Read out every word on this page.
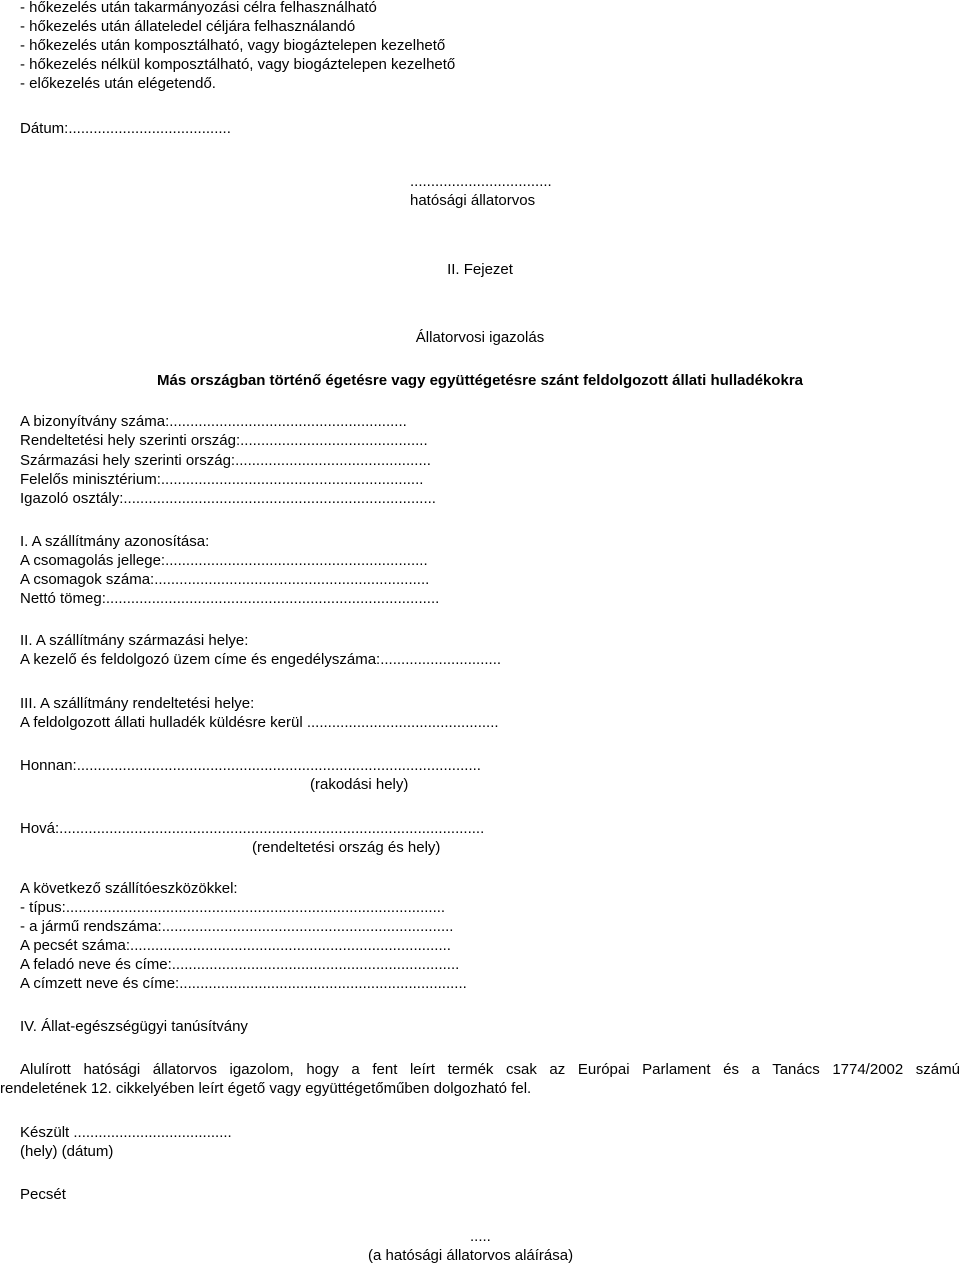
- hőkezelés után takarmányozási célra felhasználható
- hőkezelés után állateledel céljára felhasználandó
- hőkezelés után komposztálható, vagy biogáztelepen kezelhető
- hőkezelés nélkül komposztálható, vagy biogáztelepen kezelhető
- előkezelés után elégetendő.
Dátum:.......................................
..................................
hatósági állatorvos
II. Fejezet
Állatorvosi igazolás
Más országban történő égetésre vagy együttégetésre szánt feldolgozott állati hulladékokra
A bizonyítvány száma:.........................................................
Rendeltetési hely szerinti ország:.............................................
Származási hely szerinti ország:...............................................
Felelős minisztérium:...............................................................
Igazoló osztály:...........................................................................
I. A szállítmány azonosítása:
A csomagolás jellege:...............................................................
A csomagok száma:..................................................................
Nettó tömeg:................................................................................
II. A szállítmány származási helye:
A kezelő és feldolgozó üzem címe és engedélyszáma:.............................
III. A szállítmány rendeltetési helye:
A feldolgozott állati hulladék küldésre kerül ..............................................
Honnan:.................................................................................................
(rakodási hely)
Hová:......................................................................................................
(rendeltetési ország és hely)
A következő szállítóeszközökkel:
- típus:...........................................................................................
- a jármű rendszáma:......................................................................
A pecsét száma:.............................................................................
A feladó neve és címe:.....................................................................
A címzett neve és címe:.....................................................................
IV. Állat-egészségügyi tanúsítvány
Alulírott hatósági állatorvos igazolom, hogy a fent leírt termék csak az Európai Parlament és a Tanács 1774/2002 számú
rendeletének 12. cikkelyében leírt égető vagy együttégetőműben dolgozható fel.
Készült ......................................
(hely) (dátum)
Pecsét
.....
(a hatósági állatorvos aláírása)
